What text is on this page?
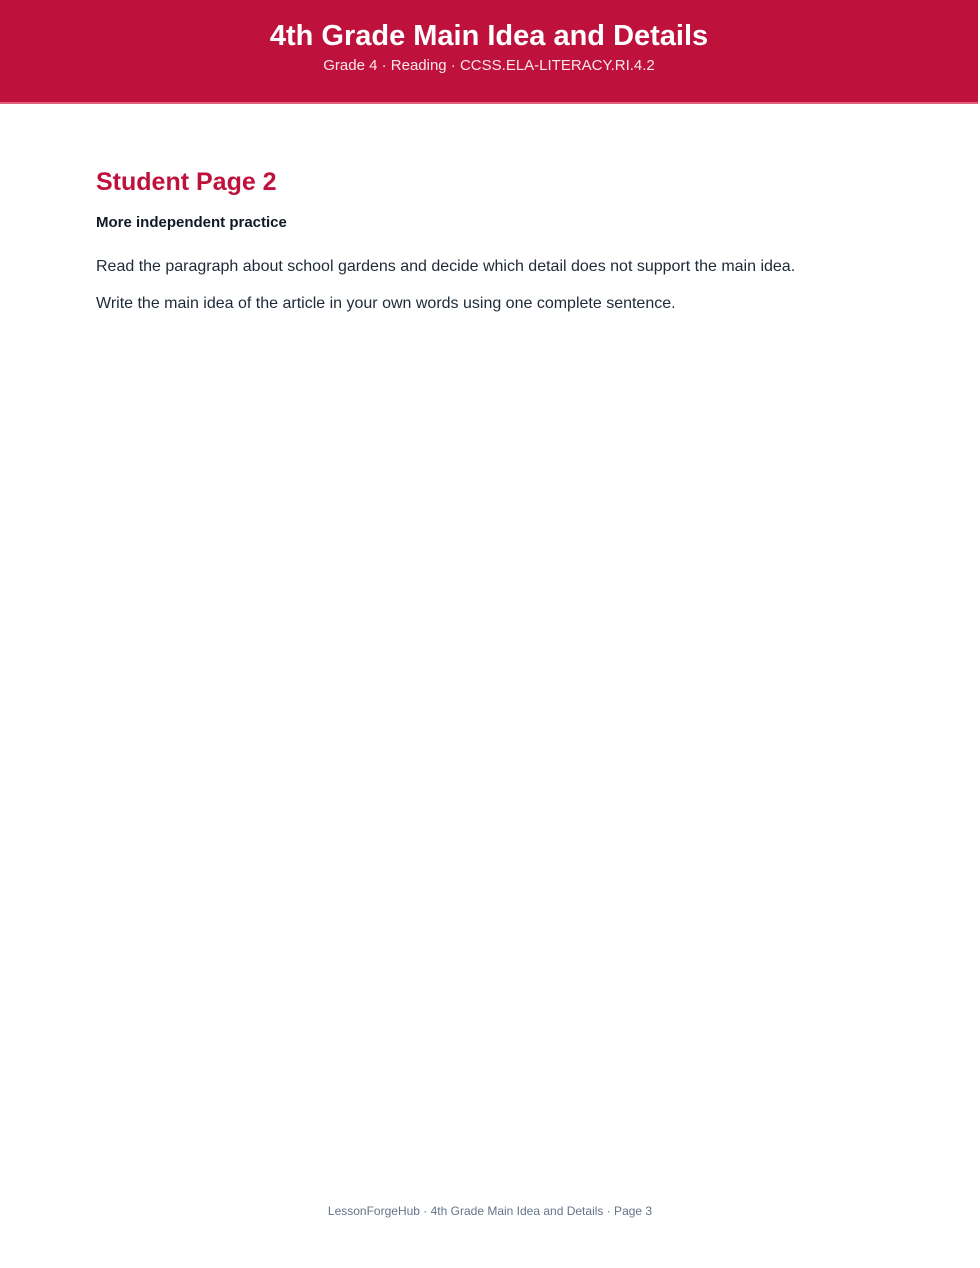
4th Grade Main Idea and Details
Grade 4 · Reading · CCSS.ELA-LITERACY.RI.4.2
Student Page 2
More independent practice

Read the paragraph about school gardens and decide which detail does not support the main idea.

Write the main idea of the article in your own words using one complete sentence.

LessonForgeHub · 4th Grade Main Idea and Details · Page 3
